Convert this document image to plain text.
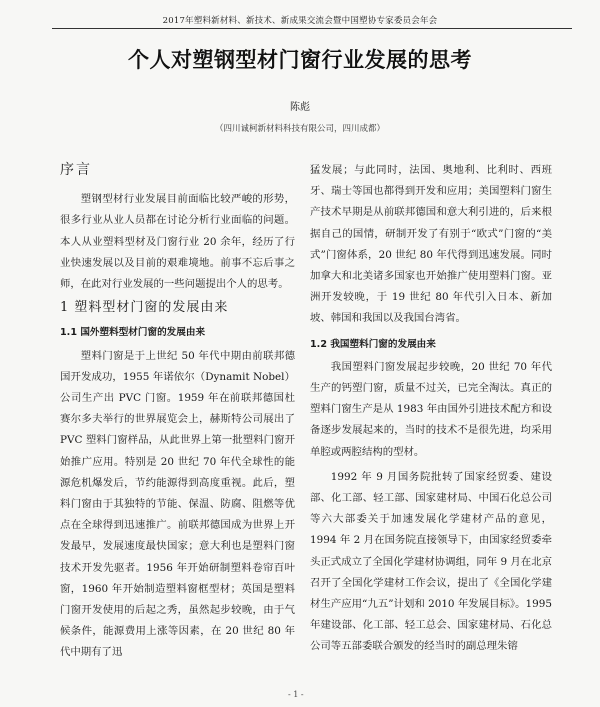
2017年塑料新材料、新技术、新成果交流会暨中国塑协专家委员会年会
个人对塑钢型材门窗行业发展的思考
陈彪
（四川诚柯新材料科技有限公司，四川成都）
序言

塑钢型材行业发展目前面临比较严峻的形势，很多行业从业人员都在讨论分析行业面临的问题。本人从业塑料型材及门窗行业 20 余年，经历了行业快速发展以及目前的艰难境地。前事不忘后事之师，在此对行业发展的一些问题提出个人的思考。

1 塑料型材门窗的发展由来
1.1 国外塑料型材门窗的发展由来

塑料门窗是于上世纪 50 年代中期由前联邦德国开发成功，1955 年诺依尔（Dynamit Nobel）公司生产出 PVC 门窗。1959 年在前联邦德国杜赛尔多夫举行的世界展览会上，赫斯特公司展出了 PVC 塑料门窗样品，从此世界上第一批塑料门窗开始推广应用。特别是 20 世纪 70 年代全球性的能源危机爆发后，节约能源得到高度重视。此后，塑料门窗由于其独特的节能、保温、防腐、阻燃等优点在全球得到迅速推广。前联邦德国成为世界上开发最早，发展速度最快国家；意大利也是塑料门窗技术开发先驱者。1956 年开始研制塑料卷帘百叶窗，1960 年开始制造塑料窗框型材；英国是塑料门窗开发使用的后起之秀，虽然起步较晚，由于气候条件，能源费用上涨等因素，在 20 世纪 80 年代中期有了迅

猛发展；与此同时，法国、奥地利、比利时、西班牙、瑞士等国也都得到开发和应用；美国塑料门窗生产技术早期是从前联邦德国和意大利引进的，后来根据自己的国情，研制开发了有别于“欧式”门窗的“美式”门窗体系，20 世纪 80 年代得到迅速发展。同时加拿大和北美诸多国家也开始推广使用塑料门窗。亚洲开发较晚，于 19 世纪 80 年代引入日本、新加坡、韩国和我国以及我国台湾省。

1.2 我国塑料门窗的发展由来

我国塑料门窗发展起步较晚，20 世纪 70 年代生产的钙塑门窗，质量不过关，已完全淘汰。真正的塑料门窗生产是从 1983 年由国外引进技术配方和设备逐步发展起来的，当时的技术不是很先进，均采用单腔或两腔结构的型材。

1992 年 9 月国务院批转了国家经贸委、建设部、化工部、轻工部、国家建材局、中国石化总公司等六大部委关于加速发展化学建材产品的意见，1994 年 2 月在国务院直接领导下，由国家经贸委牵头正式成立了全国化学建材协调组，同年 9 月在北京召开了全国化学建材工作会议，提出了《全国化学建材生产应用“九五”计划和 2010 年发展目标》。1995 年建设部、化工部、轻工总会、国家建材局、石化总公司等五部委联合颁发的经当时的副总理朱镕

- 1 -
